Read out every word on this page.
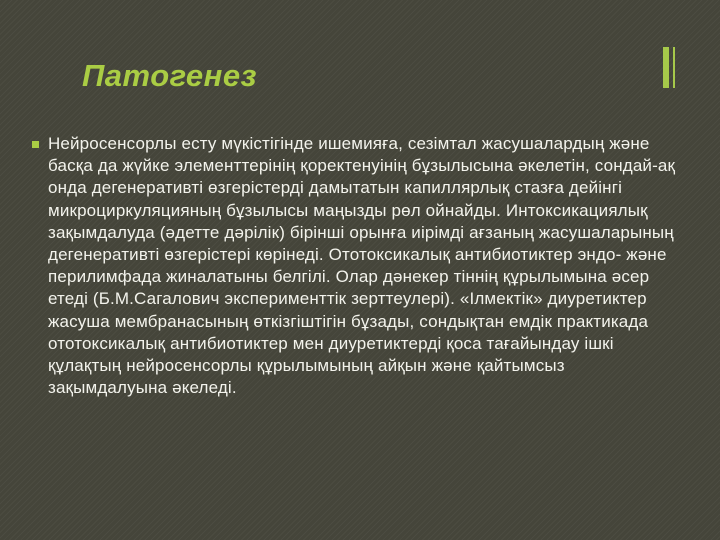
Патогенез

Нейросенсорлы есту мүкістігінде ишемияға, сезімтал жасушалардың және басқа да жүйке элементтерінің қоректенуінің бұзылысына әкелетін, сондай-ақ онда дегенеративті өзгерістерді дамытатын капиллярлық стазға дейінгі микроциркуляцияның бұзылысы маңызды рөл ойнайды. Интоксикациялық зақымдалуда (әдетте дәрілік) бірінші орынға иірімді ағзаның жасушаларының дегенеративті өзгерістері көрінеді. Ототоксикалық антибиотиктер эндо- және перилимфада жиналатыны белгілі. Олар дәнекер тіннің құрылымына әсер етеді (Б.М.Сагалович эксперименттік зерттеулері). «Ілмектік» диуретиктер жасуша мембранасының өткізгіштігін бұзады, сондықтан емдік практикада ототоксикалық антибиотиктер мен диуретиктерді қоса тағайындау ішкі құлақтың нейросенсорлы құрылымының айқын және қайтымсыз зақымдалуына әкеледі.
